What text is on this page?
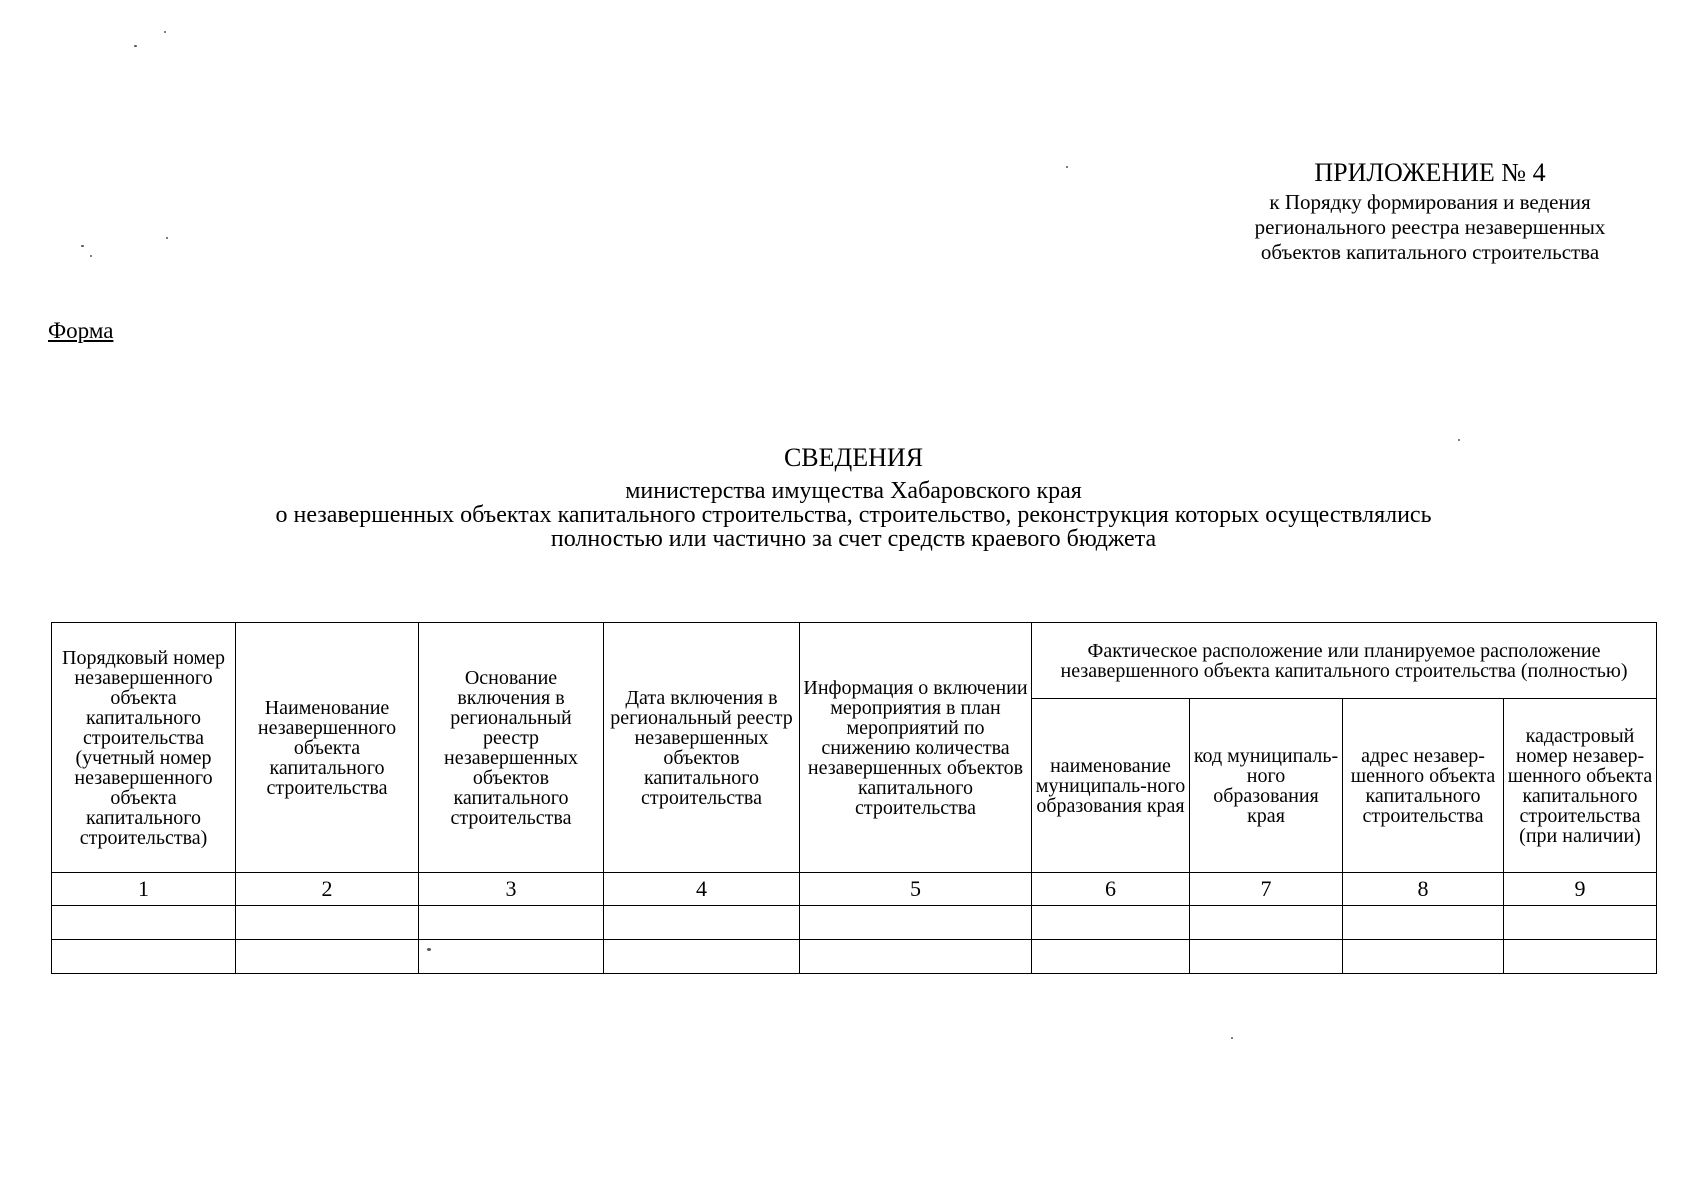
ПРИЛОЖЕНИЕ № 4
к Порядку формирования и ведения
регионального реестра незавершенных
объектов капитального строительства
Форма
СВЕДЕНИЯ
министерства имущества Хабаровского края
о незавершенных объектах капитального строительства, строительство, реконструкция которых осуществлялись
полностью или частично за счет средств краевого бюджета
Порядковый номер незавершенного объекта капитального строительства (учетный номер незавершенного объекта капитального строительства)	Наименование незавершенного объекта капитального строительства	Основание включения в региональный реестр незавершенных объектов капитального строительства	Дата включения в региональный реестр незавершенных объектов капитального строительства	Информация о включении мероприятия в план мероприятий по снижению количества незавершенных объектов капитального строительства	Фактическое расположение или планируемое расположение незавершенного объекта капитального строительства (полностью)			
					наименование муниципаль-ного образования края	код муниципаль-ного образования края	адрес незавер-шенного объекта капитального строительства	кадастровый номер незавер-шенного объекта капитального строительства (при наличии)
1	2	3	4	5	6	7	8	9
